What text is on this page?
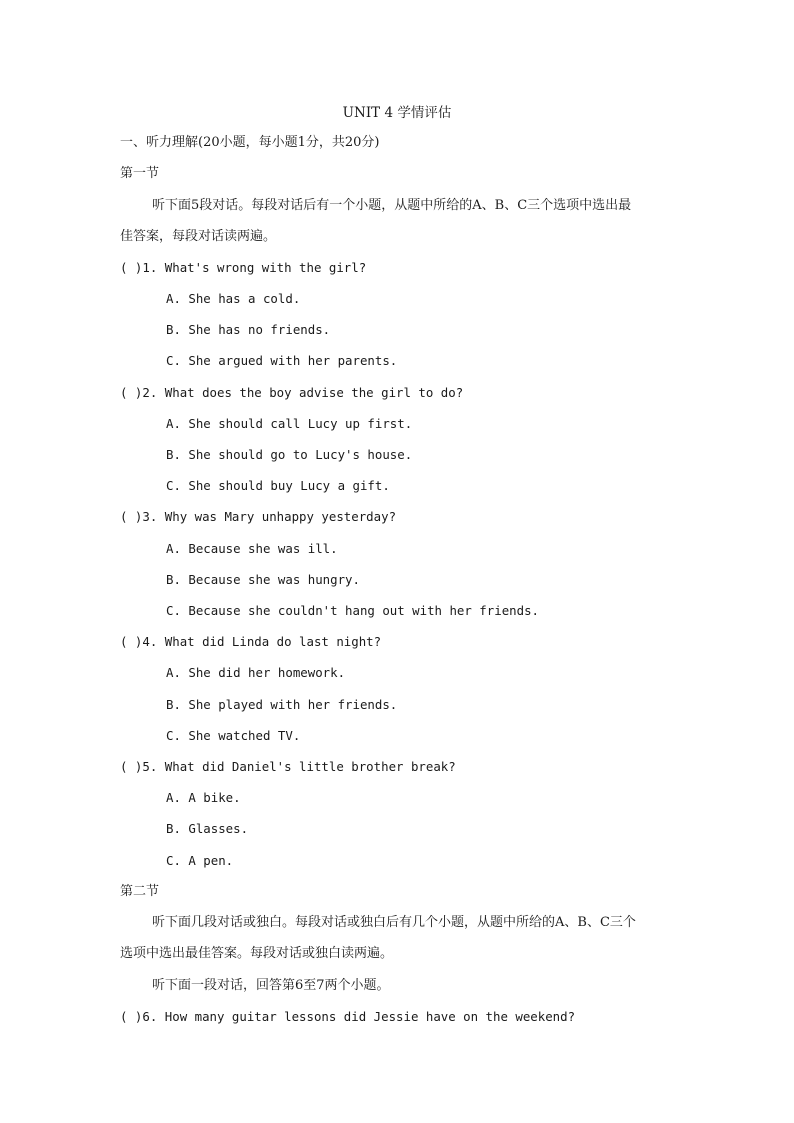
UNIT 4 学情评估
一、听力理解(20小题，每小题1分，共20分)
第一节
听下面5段对话。每段对话后有一个小题，从题中所给的A、B、C三个选项中选出最
佳答案，每段对话读两遍。
( )1. What's wrong with the girl?
A. She has a cold.
B. She has no friends.
C. She argued with her parents.
( )2. What does the boy advise the girl to do?
A. She should call Lucy up first.
B. She should go to Lucy's house.
C. She should buy Lucy a gift.
( )3. Why was Mary unhappy yesterday?
A. Because she was ill.
B. Because she was hungry.
C. Because she couldn't hang out with her friends.
( )4. What did Linda do last night?
A. She did her homework.
B. She played with her friends.
C. She watched TV.
( )5. What did Daniel's little brother break?
A. A bike.
B. Glasses.
C. A pen.
第二节
听下面几段对话或独白。每段对话或独白后有几个小题，从题中所给的A、B、C三个
选项中选出最佳答案。每段对话或独白读两遍。
听下面一段对话，回答第6至7两个小题。
( )6. How many guitar lessons did Jessie have on the weekend?
